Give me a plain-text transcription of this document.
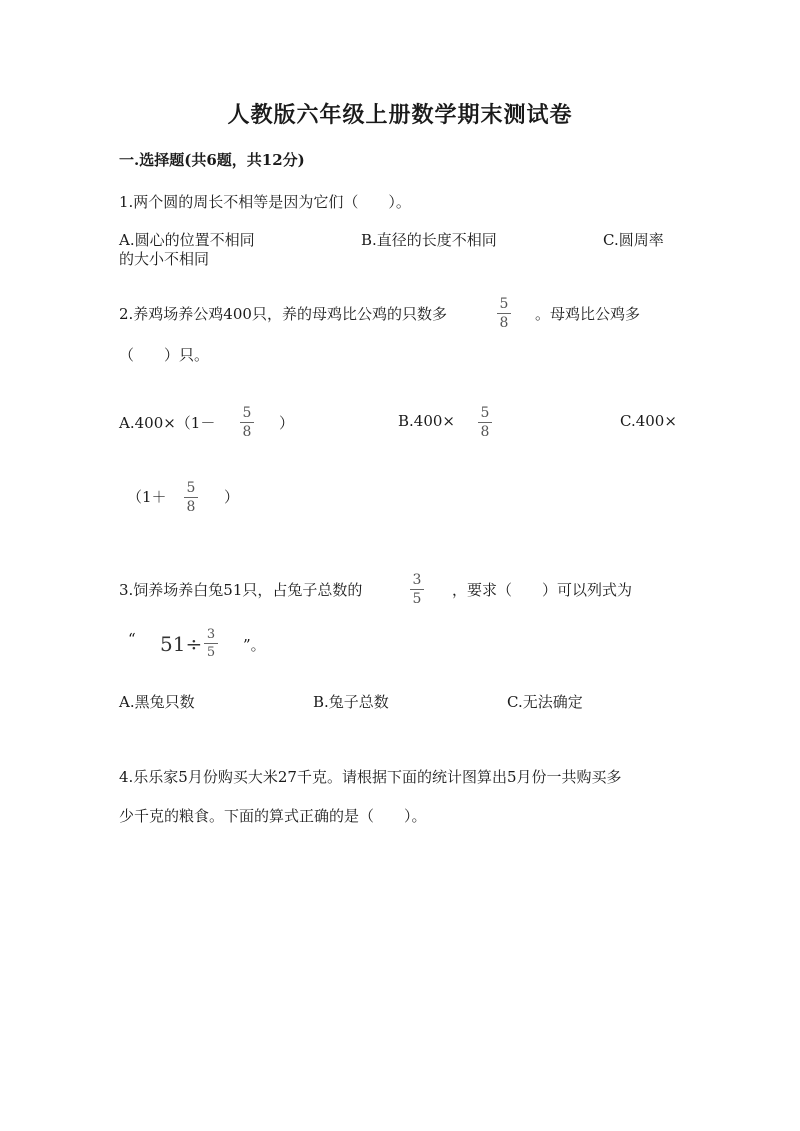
人教版六年级上册数学期末测试卷
一.选择题(共6题，共12分)
1.两个圆的周长不相等是因为它们（　　）。
A.圆心的位置不相同	B.直径的长度不相同	C.圆周率
的大小不相同
2.养鸡场养公鸡400只，养的母鸡比公鸡的只数多
5
8 。母鸡比公鸡多
（　　）只。
A.400×（1－
5
8 ）	B.400× 5
8
C.400×
（1＋ 5
8
）
3.饲养场养白兔51只，占兔子总数的
3
5 ，要求（　　）可以列式为
“ 51÷ 3
5 ”。
A.黑兔只数	B.兔子总数	C.无法确定
4.乐乐家5月份购买大米27千克。请根据下面的统计图算出5月份一共购买多
少千克的粮食。下面的算式正确的是（　　）。
